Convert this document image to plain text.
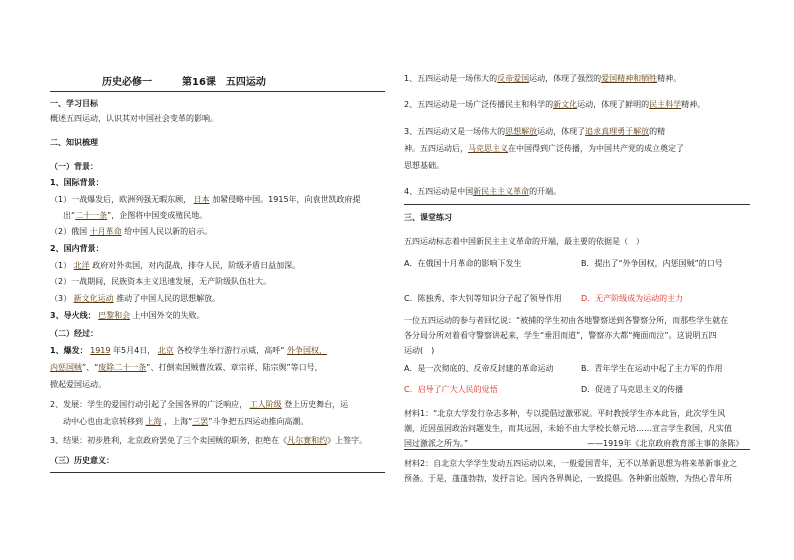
历史必修一　　　第16课　五四运动
一、学习目标
概述五四运动，认识其对中国社会变革的影响。
二、知识梳理
（一）背景：
1、国际背景：
（1）一战爆发后，欧洲列强无暇东顾， 日本 加紧侵略中国。1915年，向袁世凯政府提
出“二十一条”，企图将中国变成殖民地。
（2）俄国 十月革命 给中国人民以新的启示。
2、国内背景：
（1） 北洋 政府对外卖国，对内混战，排夺人民，阶级矛盾日益加深。
（2）一战期间，民族资本主义迅速发展，无产阶级队伍壮大。
（3） 新文化运动 推动了中国人民的思想解放。
3、导火线： 巴黎和会 上中国外交的失败。
（二）经过：
1、爆发： 1919 年5月4日， 北京 各校学生举行游行示威，高呼“ 外争国权，
内惩国贼”、“废除二十一条”、打倒卖国贼曹汝霖、章宗祥、陆宗舆”等口号，
掀起爱国运动。
2、发展：学生的爱国行动引起了全国各界的广泛响应， 工人阶级 登上历史舞台，运
动中心也由北京转移到 上海 ，上海“三罢”斗争把五四运动推向高潮。
3、结果：初步胜利，北京政府罢免了三个卖国贼的职务，拒绝在《凡尔赛和约》上签字。
（三）历史意义：
1、五四运动是一场伟大的反帝爱国运动，体现了强烈的爱国精神和牺牲精神。
2、五四运动是一场广泛传播民主和科学的新文化运动，体现了鲜明的民主科学精神。
3、五四运动又是一场伟大的思想解放运动，体现了追求真理勇于解放的精
神。五四运动后，马克思主义在中国得到广泛传播，为中国共产党的成立奠定了
思想基础。
4、五四运动是中国新民主主义革命的开端。
三、课堂练习
五四运动标志着中国新民主主义革命的开端，最主要的依据是（　）
A．在俄国十月革命的影响下发生	B．提出了“外争国权，内惩国贼”的口号
C．陈独秀、李大钊等知识分子起了领导作用 D．无产阶级成为运动的主力
一位五四运动的参与者回忆说：“被捕的学生初由各地警察送到各警察分所，而那些学生就在
各分局分所对着看守警察讲起来，学生“垂泪而道”，警察亦大都“掩面而泣”。这说明五四
运动(　)
A．是一次彻底的、反帝反封建的革命运动	B．青年学生在运动中起了主力军的作用
C．启导了广大人民的觉悟	D．促进了马克思主义的传播
材料1：“北京大学发行杂志多种，专以提倡过激邪说。平时教授学生亦本此旨，此次学生风
潮，近因虽因政治问题发生，而其远因，未始不由大学校长蔡元培……宣言学生救国，凡实值
国过激派之所为。”	——1919年《北京政府教育部主事的条陈》
材料2：自北京大学学生发动五四运动以来，一般爱国青年，无不以革新思想为将来革新事业之
预备。于是，蓬蓬勃勃，发抒言论。国内各界舆论，一致提倡。各种新出版物，为热心青年所
